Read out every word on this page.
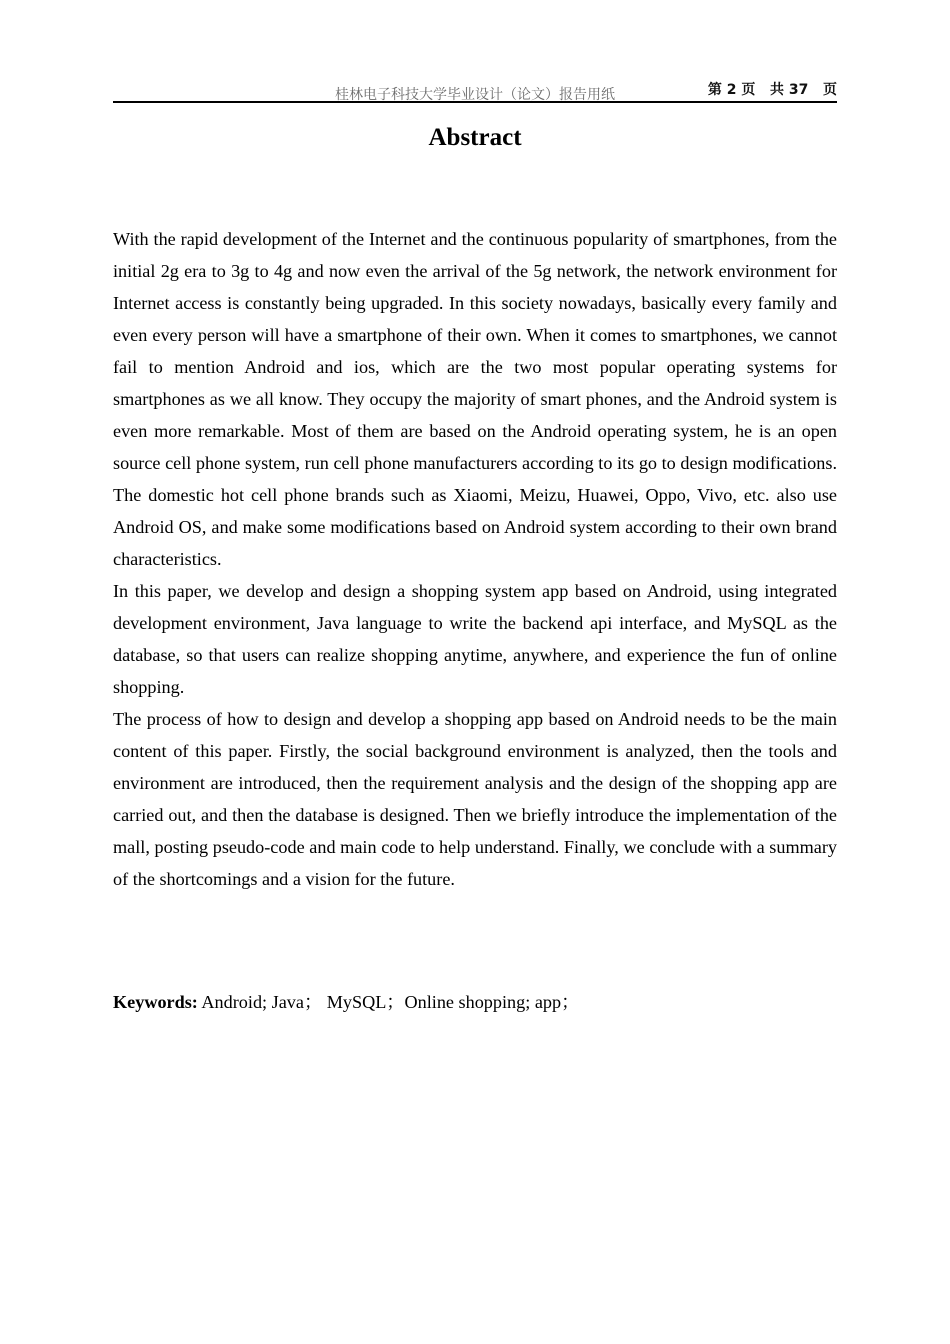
桂林电子科技大学毕业设计（论文）报告用纸	第 2 页   共 37   页
Abstract

With the rapid development of the Internet and the continuous popularity of smartphones, from the initial 2g era to 3g to 4g and now even the arrival of the 5g network, the network environment for Internet access is constantly being upgraded. In this society nowadays, basically every family and even every person will have a smartphone of their own. When it comes to smartphones, we cannot fail to mention Android and ios, which are the two most popular operating systems for smartphones as we all know. They occupy the majority of smart phones, and the Android system is even more remarkable. Most of them are based on the Android operating system, he is an open source cell phone system, run cell phone manufacturers according to its go to design modifications. The domestic hot cell phone brands such as Xiaomi, Meizu, Huawei, Oppo, Vivo, etc. also use Android OS, and make some modifications based on Android system according to their own brand characteristics.

In this paper, we develop and design a shopping system app based on Android, using integrated development environment, Java language to write the backend api interface, and MySQL as the database, so that users can realize shopping anytime, anywhere, and experience the fun of online shopping.

The process of how to design and develop a shopping app based on Android needs to be the main content of this paper. Firstly, the social background environment is analyzed, then the tools and environment are introduced, then the requirement analysis and the design of the shopping app are carried out, and then the database is designed. Then we briefly introduce the implementation of the mall, posting pseudo-code and main code to help understand. Finally, we conclude with a summary of the shortcomings and a vision for the future.

Keywords: Android; Java； MySQL；Online shopping; app；
